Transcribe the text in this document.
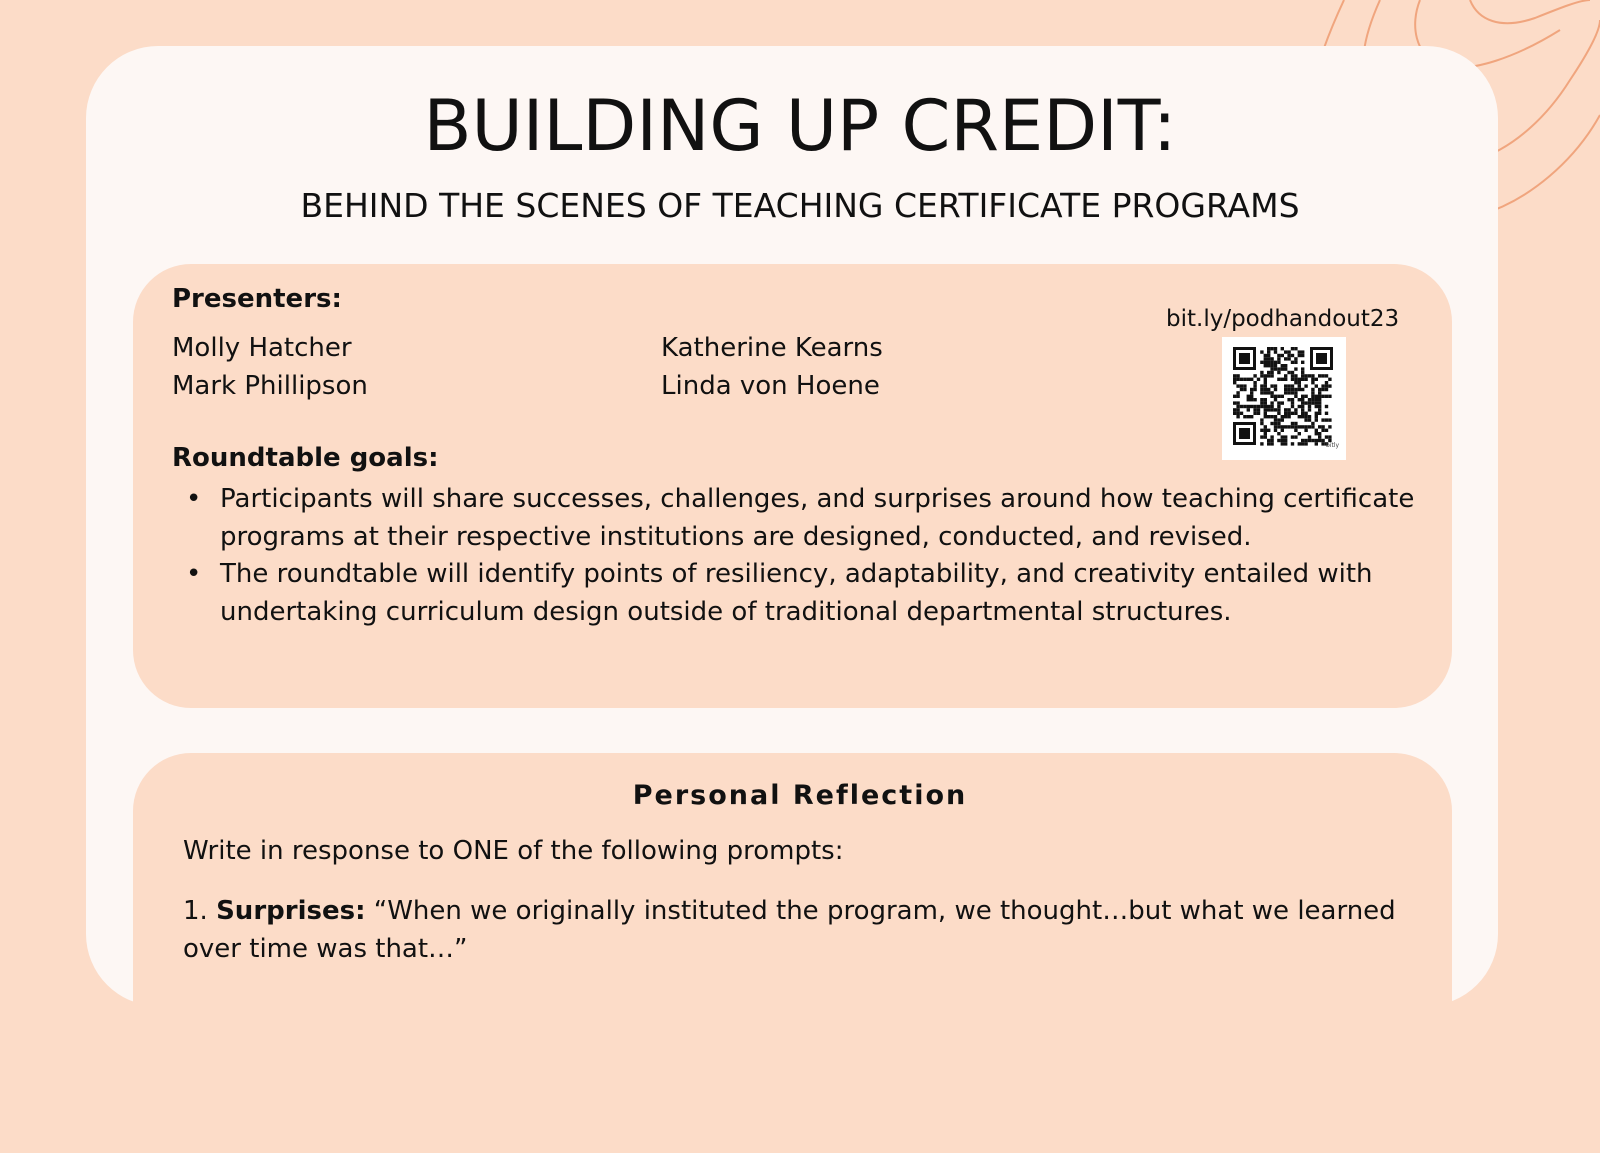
BUILDING UP CREDIT:
BEHIND THE SCENES OF TEACHING CERTIFICATE PROGRAMS
Presenters:
Molly Hatcher
Mark Phillipson
Katherine Kearns
Linda von Hoene
bit.ly/podhandout23
bitly
Roundtable goals:
• Participants will share successes, challenges, and surprises around how teaching certificate programs at their respective institutions are designed, conducted, and revised.
• The roundtable will identify points of resiliency, adaptability, and creativity entailed with undertaking curriculum design outside of traditional departmental structures.
Personal Reflection
Write in response to ONE of the following prompts:
1. Surprises: “When we originally instituted the program, we thought…but what we learned over time was that…”
